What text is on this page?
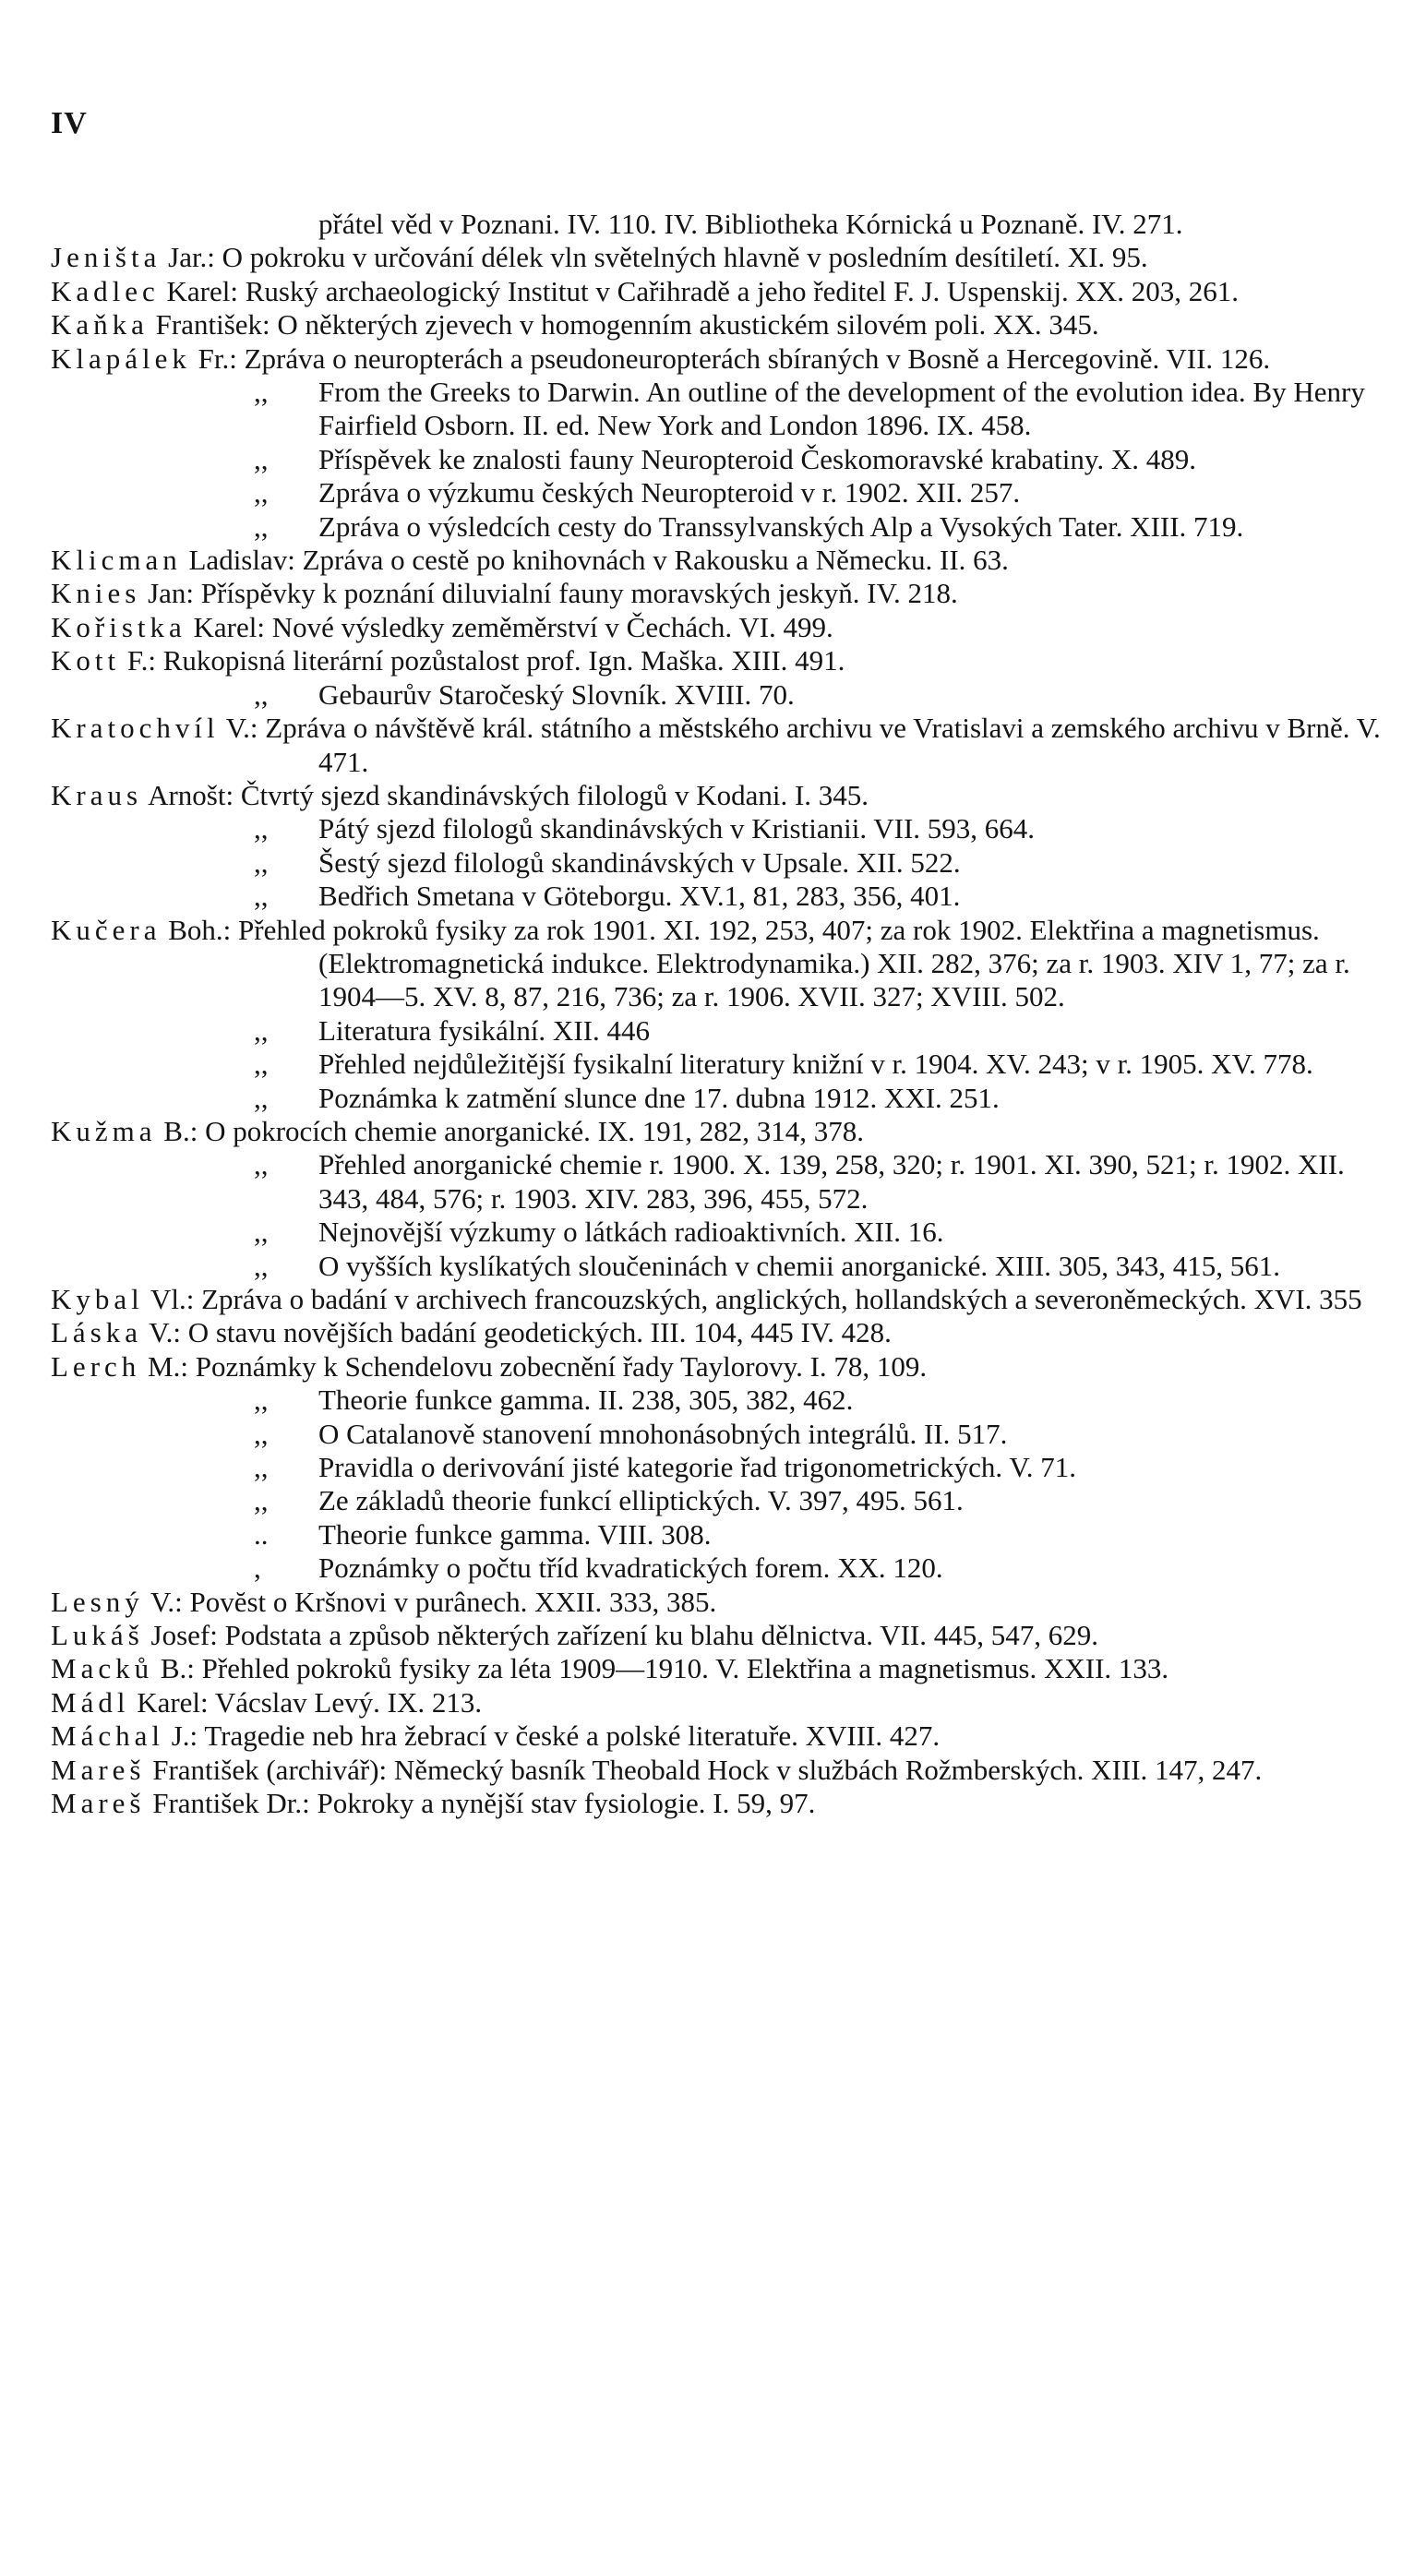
IV
přátel věd v Poznani. IV. 110. IV. Bibliotheka Kórnická u Poznaně. IV. 271.
Jeništa Jar.: O pokroku v určování délek vln světelných hlavně v posledním desítiletí. XI. 95.
Kadlec Karel: Ruský archaeologický Institut v Cařihradě a jeho ředitel F. J. Uspenskij. XX. 203, 261.
Kaňka František: O některých zjevech v homogenním akustickém silovém poli. XX. 345.
Klapálek Fr.: Zpráva o neuropterách a pseudoneuropterách sbíraných v Bosně a Hercegovině. VII. 126.
,, From the Greeks to Darwin. An outline of the development of the evolution idea. By Henry Fairfield Osborn. II. ed. New York and London 1896. IX. 458.
,, Příspěvek ke znalosti fauny Neuropteroid Českomoravské krabatiny. X. 489.
,, Zpráva o výzkumu českých Neuropteroid v r. 1902. XII. 257.
,, Zpráva o výsledcích cesty do Transsylvanských Alp a Vysokých Tater. XIII. 719.
Klicman Ladislav: Zpráva o cestě po knihovnách v Rakousku a Německu. II. 63.
Knies Jan: Příspěvky k poznání diluvialní fauny moravských jeskyň. IV. 218.
Kořistka Karel: Nové výsledky zeměměrství v Čechách. VI. 499.
Kott F.: Rukopisná literární pozůstalost prof. Ign. Maška. XIII. 491.
,, Gebaurův Staročeský Slovník. XVIII. 70.
Kratochvíl V.: Zpráva o návštěvě král. státního a městského archivu ve Vratislavi a zemského archivu v Brně. V. 471.
Kraus Arnošt: Čtvrtý sjezd skandinávských filologů v Kodani. I. 345.
,, Pátý sjezd filologů skandinávských v Kristianii. VII. 593, 664.
,, Šestý sjezd filologů skandinávských v Upsale. XII. 522.
,, Bedřich Smetana v Göteborgu. XV.1, 81, 283, 356, 401.
Kučera Boh.: Přehled pokroků fysiky za rok 1901. XI. 192, 253, 407; za rok 1902. Elektřina a magnetismus. (Elektromagnetická indukce. Elektrodynamika.) XII. 282, 376; za r. 1903. XIV 1, 77; za r. 1904—5. XV. 8, 87, 216, 736; za r. 1906. XVII. 327; XVIII. 502.
,, Literatura fysikální. XII. 446
,, Přehled nejdůležitější fysikalní literatury knižní v r. 1904. XV. 243; v r. 1905. XV. 778.
,, Poznámka k zatmění slunce dne 17. dubna 1912. XXI. 251.
Kužma B.: O pokrocích chemie anorganické. IX. 191, 282, 314, 378.
,, Přehled anorganické chemie r. 1900. X. 139, 258, 320; r. 1901. XI. 390, 521; r. 1902. XII. 343, 484, 576; r. 1903. XIV. 283, 396, 455, 572.
,, Nejnovější výzkumy o látkách radioaktivních. XII. 16.
,, O vyšších kyslíkatých sloučeninách v chemii anorganické. XIII. 305, 343, 415, 561.
Kybal Vl.: Zpráva o badání v archivech francouzských, anglických, hollandských a severoněmeckých. XVI. 355
Láska V.: O stavu novějších badání geodetických. III. 104, 445 IV. 428.
Lerch M.: Poznámky k Schendelovu zobecnění řady Taylorovy. I. 78, 109.
,, Theorie funkce gamma. II. 238, 305, 382, 462.
,, O Catalanově stanovení mnohonásobných integrálů. II. 517.
,, Pravidla o derivování jisté kategorie řad trigonometrických. V. 71.
,, Ze základů theorie funkcí elliptických. V. 397, 495. 561.
.. Theorie funkce gamma. VIII. 308.
, Poznámky o počtu tříd kvadratických forem. XX. 120.
Lesný V.: Povĕst o Kršnovi v purânech. XXII. 333, 385.
Lukáš Josef: Podstata a způsob některých zařízení ku blahu dělnictva. VII. 445, 547, 629.
Macků B.: Přehled pokroků fysiky za léta 1909—1910. V. Elektřina a magnetismus. XXII. 133.
Mádl Karel: Vácslav Levý. IX. 213.
Máchal J.: Tragedie neb hra žebrací v české a polské literatuře. XVIII. 427.
Mareš František (archivář): Německý basník Theobald Hock v službách Rožmberských. XIII. 147, 247.
Mareš František Dr.: Pokroky a nynější stav fysiologie. I. 59, 97.
